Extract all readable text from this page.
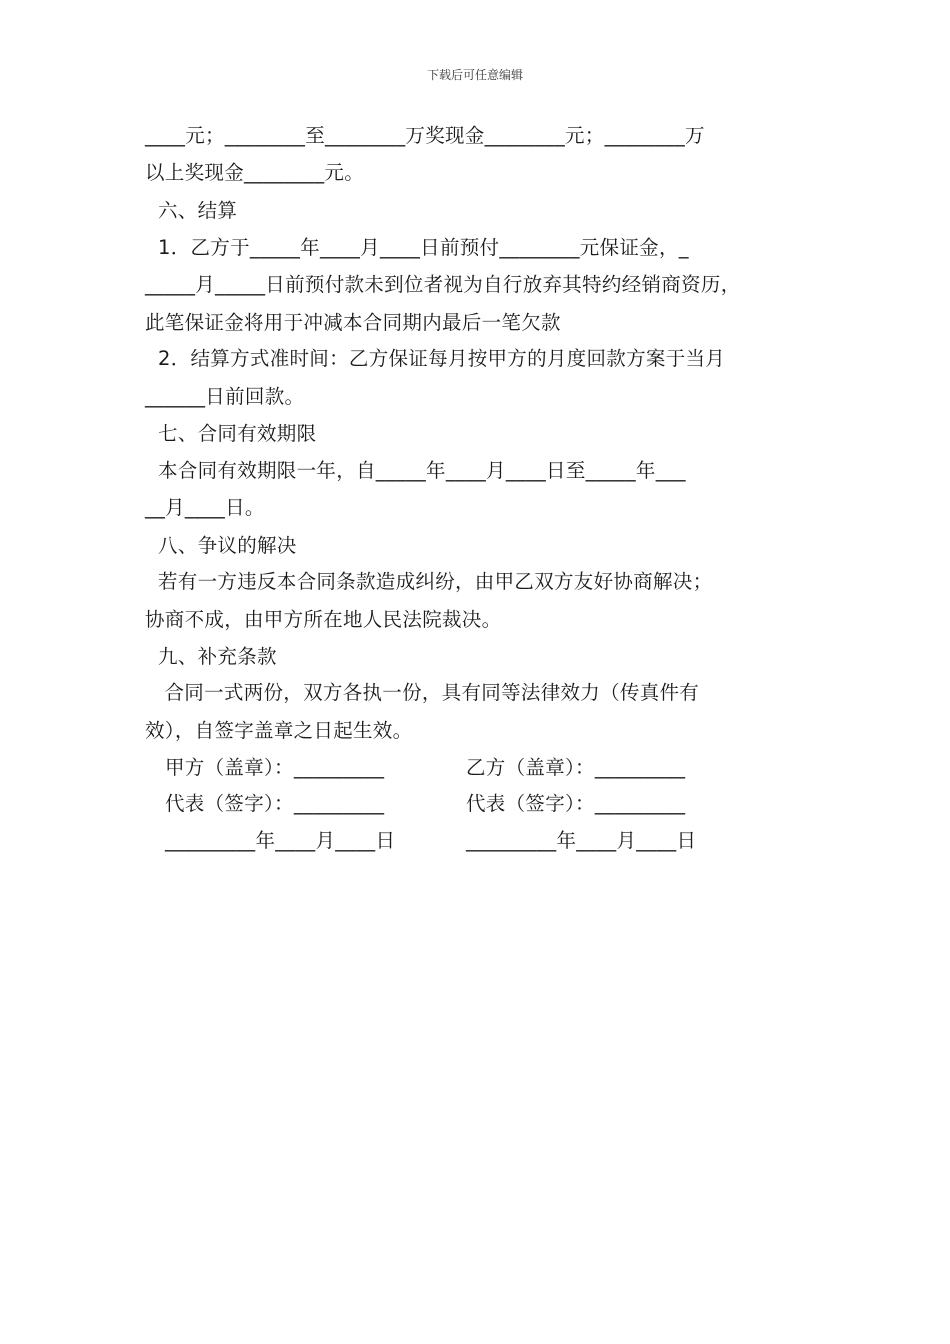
下载后可任意编辑
____元；________至________万奖现金________元；________万
以上奖现金________元。
六、结算
1．乙方于_____年____月____日前预付________元保证金，_
_____月_____日前预付款未到位者视为自行放弃其特约经销商资历，
此笔保证金将用于冲减本合同期内最后一笔欠款
2．结算方式准时间：乙方保证每月按甲方的月度回款方案于当月
______日前回款。
七、合同有效期限
本合同有效期限一年，自_____年____月____日至_____年___
__月____日。
八、争议的解决
若有一方违反本合同条款造成纠纷，由甲乙双方友好协商解决；
协商不成，由甲方所在地人民法院裁决。
九、补充条款
合同一式两份，双方各执一份，具有同等法律效力（传真件有
效），自签字盖章之日起生效。
甲方（盖章）：_________	乙方（盖章）：_________
代表（签字）：_________	代表（签字）：_________
_________年____月____日	_________年____月____日
